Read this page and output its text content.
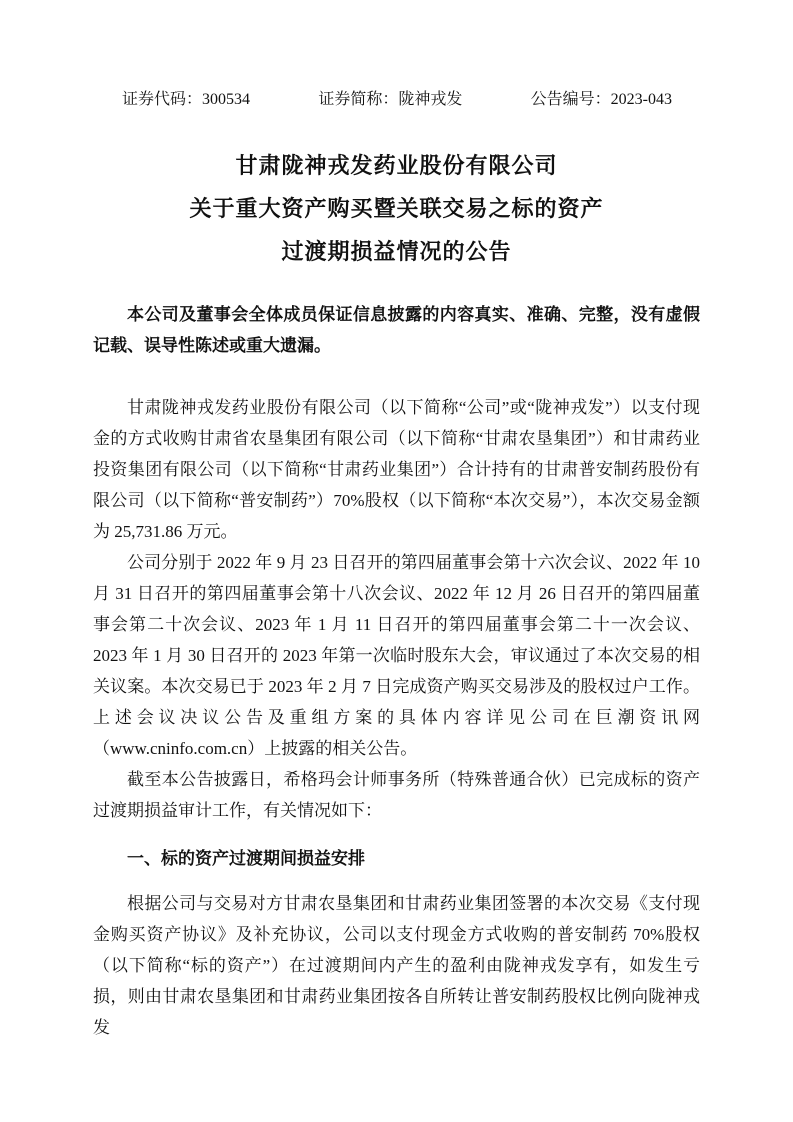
证券代码：300534	证券简称：陇神戎发	公告编号：2023-043
甘肃陇神戎发药业股份有限公司
关于重大资产购买暨关联交易之标的资产
过渡期损益情况的公告

本公司及董事会全体成员保证信息披露的内容真实、准确、完整，没有虚假记载、误导性陈述或重大遗漏。

甘肃陇神戎发药业股份有限公司（以下简称“公司”或“陇神戎发”）以支付现金的方式收购甘肃省农垦集团有限公司（以下简称“甘肃农垦集团”）和甘肃药业投资集团有限公司（以下简称“甘肃药业集团”）合计持有的甘肃普安制药股份有限公司（以下简称“普安制药”）70%股权（以下简称“本次交易”），本次交易金额为 25,731.86 万元。

公司分别于 2022 年 9 月 23 日召开的第四届董事会第十六次会议、2022 年 10 月 31 日召开的第四届董事会第十八次会议、2022 年 12 月 26 日召开的第四届董事会第二十次会议、2023 年 1 月 11 日召开的第四届董事会第二十一次会议、2023 年 1 月 30 日召开的 2023 年第一次临时股东大会，审议通过了本次交易的相关议案。本次交易已于 2023 年 2 月 7 日完成资产购买交易涉及的股权过户工作。上述会议决议公告及重组方案的具体内容详见公司在巨潮资讯网（www.cninfo.com.cn）上披露的相关公告。

截至本公告披露日，希格玛会计师事务所（特殊普通合伙）已完成标的资产过渡期损益审计工作，有关情况如下：

一、标的资产过渡期间损益安排

根据公司与交易对方甘肃农垦集团和甘肃药业集团签署的本次交易《支付现金购买资产协议》及补充协议，公司以支付现金方式收购的普安制药 70%股权（以下简称“标的资产”）在过渡期间内产生的盈利由陇神戎发享有，如发生亏损，则由甘肃农垦集团和甘肃药业集团按各自所转让普安制药股权比例向陇神戎发
